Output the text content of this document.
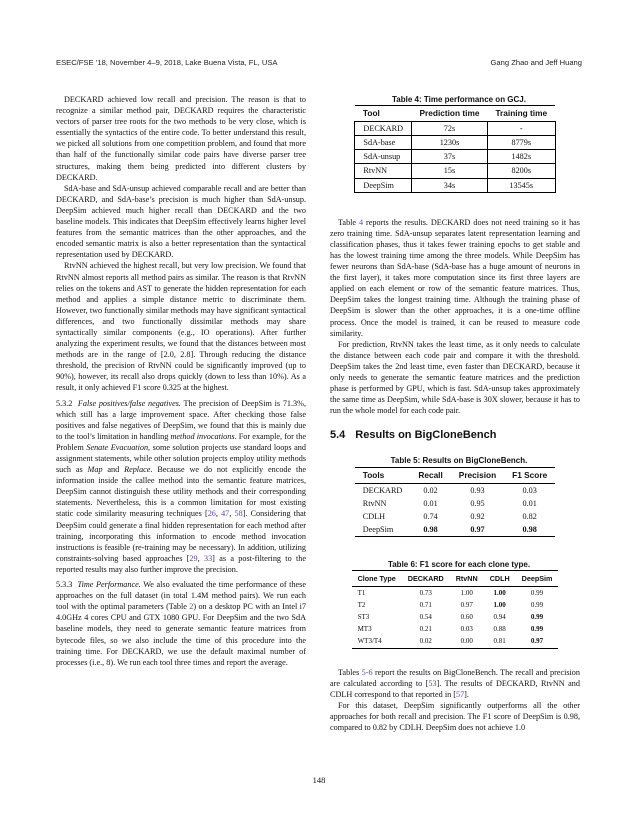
ESEC/FSE ’18, November 4–9, 2018, Lake Buena Vista, FL, USA	Gang Zhao and Jeff Huang

DECKARD achieved low recall and precision. The reason is that to recognize a similar method pair, DECKARD requires the characteristic vectors of parser tree roots for the two methods to be very close, which is essentially the syntactics of the entire code. To better understand this result, we picked all solutions from one competition problem, and found that more than half of the functionally similar code pairs have diverse parser tree structures, making them being predicted into different clusters by DECKARD.

SdA-base and SdA-unsup achieved comparable recall and are better than DECKARD, and SdA-base’s precision is much higher than SdA-unsup. DeepSim achieved much higher recall than DECKARD and the two baseline models. This indicates that DeepSim effectively learns higher level features from the semantic matrices than the other approaches, and the encoded semantic matrix is also a better representation than the syntactical representation used by DECKARD.

RtvNN achieved the highest recall, but very low precision. We found that RtvNN almost reports all method pairs as similar. The reason is that RtvNN relies on the tokens and AST to generate the hidden representation for each method and applies a simple distance metric to discriminate them. However, two functionally similar methods may have significant syntactical differences, and two functionally dissimilar methods may share syntactically similar components (e.g., IO operations). After further analyzing the experiment results, we found that the distances between most methods are in the range of [2.0, 2.8]. Through reducing the distance threshold, the precision of RtvNN could be significantly improved (up to 90%), however, its recall also drops quickly (down to less than 10%). As a result, it only achieved F1 score 0.325 at the highest.

5.3.2 False positives/false negatives. The precision of DeepSim is 71.3%, which still has a large improvement space. After checking those false positives and false negatives of DeepSim, we found that this is mainly due to the tool’s limitation in handling method invocations. For example, for the Problem Senate Evacuation, some solution projects use standard loops and assignment statements, while other solution projects employ utility methods such as Map and Replace. Because we do not explicitly encode the information inside the callee method into the semantic feature matrices, DeepSim cannot distinguish these utility methods and their corresponding statements. Nevertheless, this is a common limitation for most existing static code similarity measuring techniques [26, 47, 58]. Considering that DeepSim could generate a final hidden representation for each method after training, incorporating this information to encode method invocation instructions is feasible (re-training may be necessary). In addition, utilizing constraints-solving based approaches [29, 33] as a post-filtering to the reported results may also further improve the precision.

5.3.3 Time Performance. We also evaluated the time performance of these approaches on the full dataset (in total 1.4M method pairs). We run each tool with the optimal parameters (Table 2) on a desktop PC with an Intel i7 4.0GHz 4 cores CPU and GTX 1080 GPU. For DeepSim and the two SdA baseline models, they need to generate semantic feature matrices from bytecode files, so we also include the time of this procedure into the training time. For DECKARD, we use the default maximal number of processes (i.e., 8). We run each tool three times and report the average.

Table 4: Time performance on GCJ.

Tool	Prediction time	Training time
DECKARD	72s	-
SdA-base	1230s	8779s
SdA-unsup	37s	1482s
RtvNN	15s	8200s
DeepSim	34s	13545s

Table 4 reports the results. DECKARD does not need training so it has zero training time. SdA-unsup separates latent representation learning and classification phases, thus it takes fewer training epochs to get stable and has the lowest training time among the three models. While DeepSim has fewer neurons than SdA-base (SdA-base has a huge amount of neurons in the first layer), it takes more computation since its first three layers are applied on each element or row of the semantic feature matrices. Thus, DeepSim takes the longest training time. Although the training phase of DeepSim is slower than the other approaches, it is a one-time offline process. Once the model is trained, it can be reused to measure code similarity.

For prediction, RtvNN takes the least time, as it only needs to calculate the distance between each code pair and compare it with the threshold. DeepSim takes the 2nd least time, even faster than DECKARD, because it only needs to generate the semantic feature matrices and the prediction phase is performed by GPU, which is fast. SdA-unsup takes approximately the same time as DeepSim, while SdA-base is 30X slower, because it has to run the whole model for each code pair.

5.4 Results on BigCloneBench

Table 5: Results on BigCloneBench.

Tools	Recall	Precision	F1 Score
DECKARD	0.02	0.93	0.03
RtvNN	0.01	0.95	0.01
CDLH	0.74	0.92	0.82
DeepSim	0.98	0.97	0.98

Table 6: F1 score for each clone type.

Clone Type	DECKARD	RtvNN	CDLH	DeepSim
T1	0.73	1.00	1.00	0.99
T2	0.71	0.97	1.00	0.99
ST3	0.54	0.60	0.94	0.99
MT3	0.21	0.03	0.88	0.99
WT3/T4	0.02	0.00	0.81	0.97

Tables 5-6 report the results on BigCloneBench. The recall and precision are calculated according to [53]. The results of DECKARD, RtvNN and CDLH correspond to that reported in [57].

For this dataset, DeepSim significantly outperforms all the other approaches for both recall and precision. The F1 score of DeepSim is 0.98, compared to 0.82 by CDLH. DeepSim does not achieve 1.0

148
